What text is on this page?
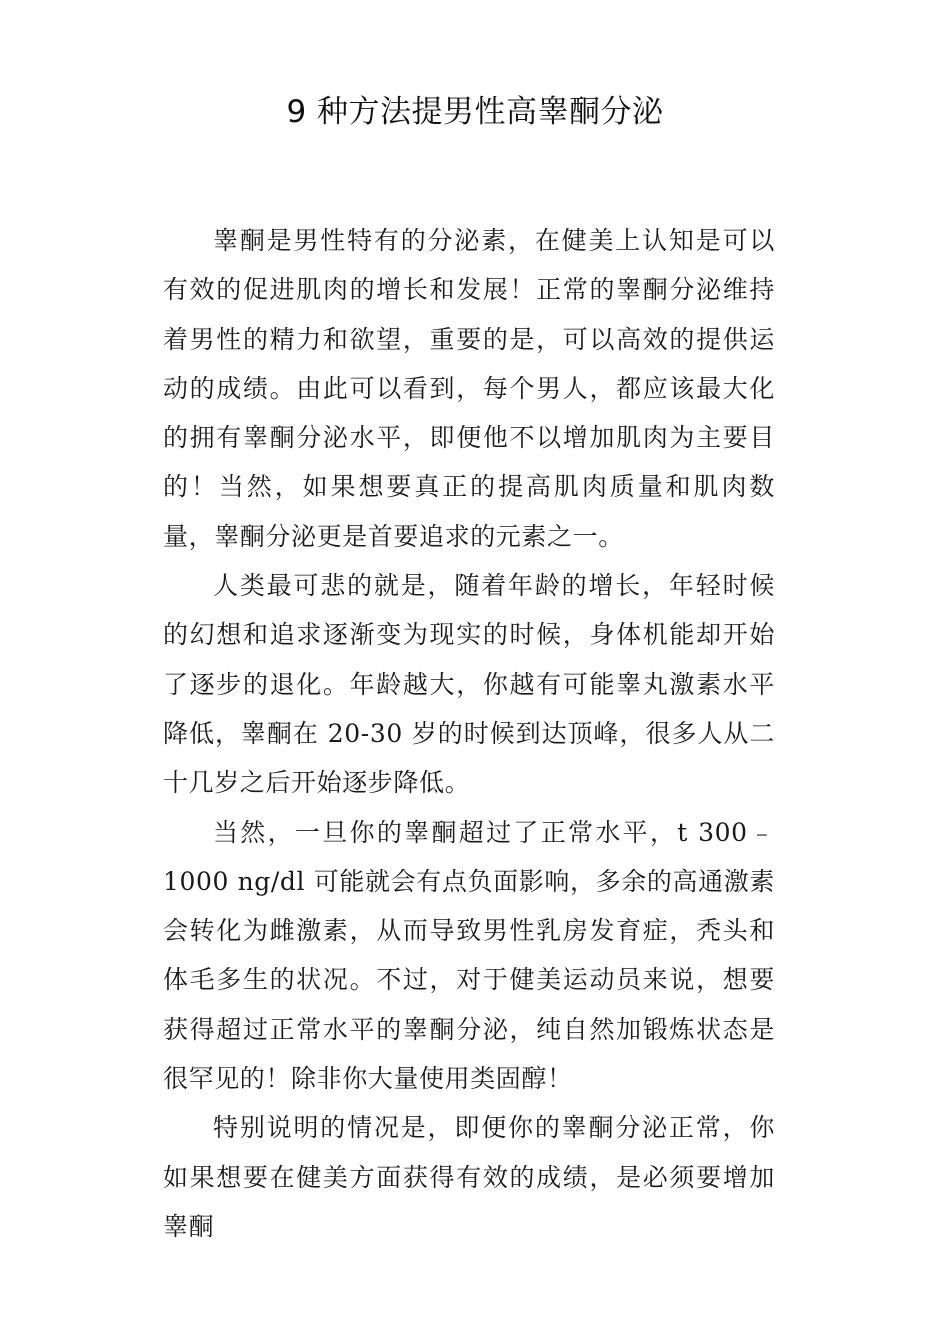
9 种方法提男性高睾酮分泌

睾酮是男性特有的分泌素，在健美上认知是可以有效的促进肌肉的增长和发展！正常的睾酮分泌维持着男性的精力和欲望，重要的是，可以高效的提供运动的成绩。由此可以看到，每个男人，都应该最大化的拥有睾酮分泌水平，即便他不以增加肌肉为主要目的！当然，如果想要真正的提高肌肉质量和肌肉数量，睾酮分泌更是首要追求的元素之一。

人类最可悲的就是，随着年龄的增长，年轻时候的幻想和追求逐渐变为现实的时候，身体机能却开始了逐步的退化。年龄越大，你越有可能睾丸激素水平降低，睾酮在 20-30 岁的时候到达顶峰，很多人从二十几岁之后开始逐步降低。

当然，一旦你的睾酮超过了正常水平，t 300﹣1000 ng/dl 可能就会有点负面影响，多余的高通激素会转化为雌激素，从而导致男性乳房发育症，秃头和体毛多生的状况。不过，对于健美运动员来说，想要获得超过正常水平的睾酮分泌，纯自然加锻炼状态是很罕见的！除非你大量使用类固醇！

特别说明的情况是，即便你的睾酮分泌正常，你如果想要在健美方面获得有效的成绩，是必须要增加睾酮
